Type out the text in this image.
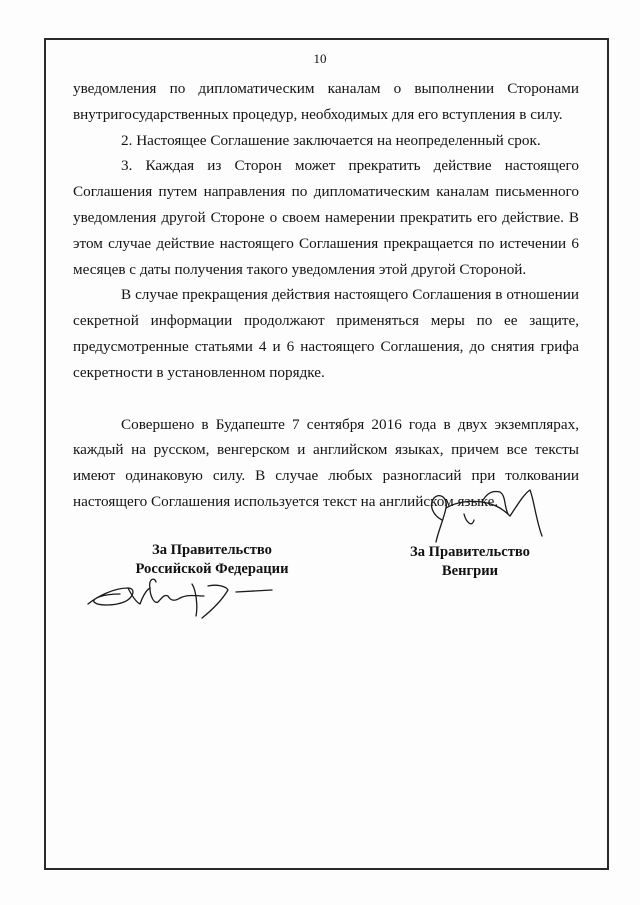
10

уведомления по дипломатическим каналам о выполнении Сторонами внутригосударственных процедур, необходимых для его вступления в силу.

2. Настоящее Соглашение заключается на неопределенный срок.

3. Каждая из Сторон может прекратить действие настоящего Соглашения путем направления по дипломатическим каналам письменного уведомления другой Стороне о своем намерении прекратить его действие. В этом случае действие настоящего Соглашения прекращается по истечении 6 месяцев с даты получения такого уведомления этой другой Стороной.

В случае прекращения действия настоящего Соглашения в отношении секретной информации продолжают применяться меры по ее защите, предусмотренные статьями 4 и 6 настоящего Соглашения, до снятия грифа секретности в установленном порядке.

Совершено в Будапеште 7 сентября 2016 года в двух экземплярах, каждый на русском, венгерском и английском языках, причем все тексты имеют одинаковую силу. В случае любых разногласий при толковании настоящего Соглашения используется текст на английском языке.

За Правительство
Российской Федерации
За Правительство
Венгрии
